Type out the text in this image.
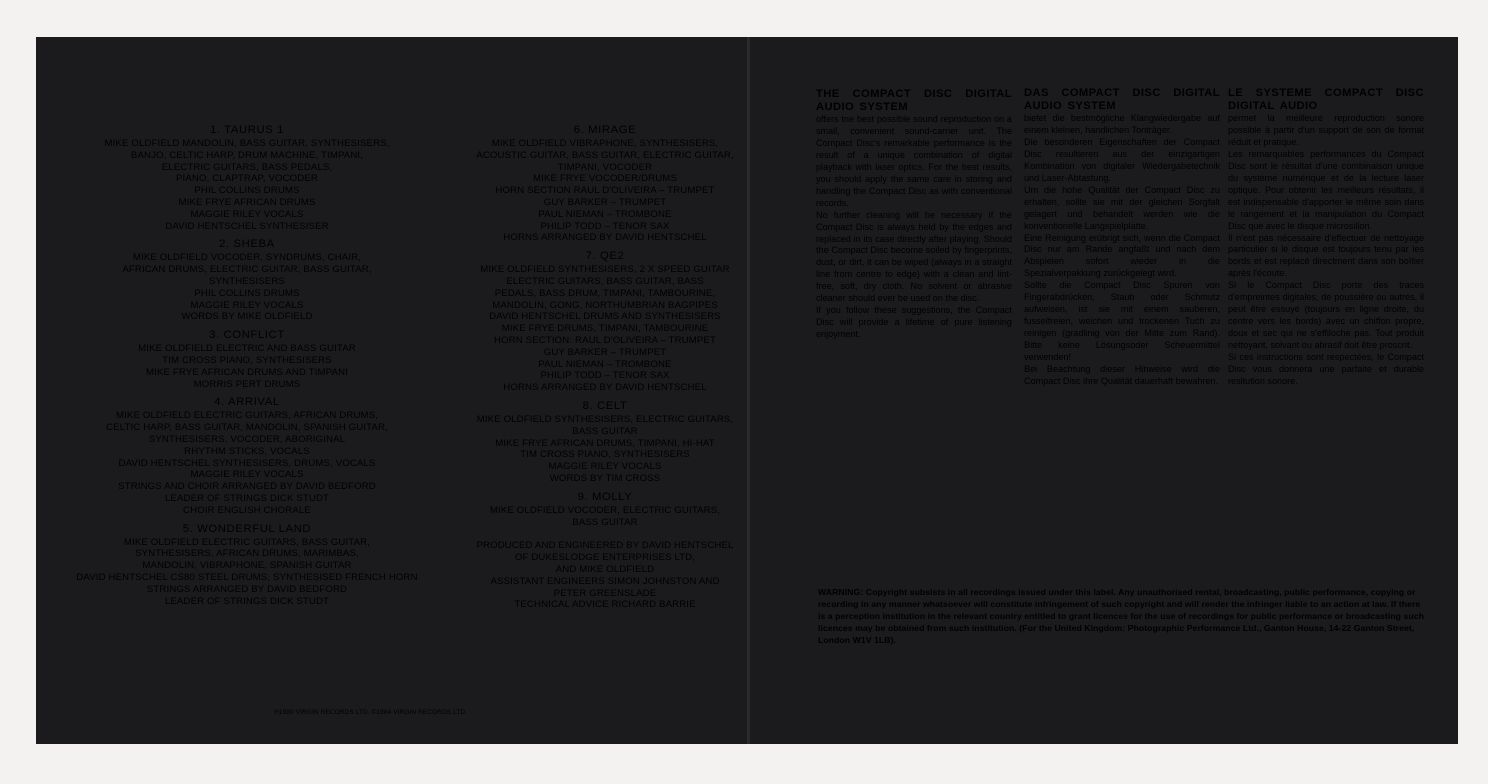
1. TAURUS 1
MIKE OLDFIELD MANDOLIN, BASS GUITAR, SYNTHESISERS,
BANJO, CELTIC HARP, DRUM MACHINE, TIMPANI,
ELECTRIC GUITARS, BASS PEDALS,
PIANO, CLAPTRAP, VOCODER
PHIL COLLINS DRUMS
MIKE FRYE AFRICAN DRUMS
MAGGIE RILEY VOCALS
DAVID HENTSCHEL SYNTHESISER
2. SHEBA
MIKE OLDFIELD VOCODER, SYNDRUMS, CHAIR,
AFRICAN DRUMS, ELECTRIC GUITAR, BASS GUITAR,
SYNTHESISERS
PHIL COLLINS DRUMS
MAGGIE RILEY VOCALS
WORDS BY MIKE OLDFIELD
3. CONFLICT
MIKE OLDFIELD ELECTRIC AND BASS GUITAR
TIM CROSS PIANO, SYNTHESISERS
MIKE FRYE AFRICAN DRUMS AND TIMPANI
MORRIS PERT DRUMS
4. ARRIVAL
MIKE OLDFIELD ELECTRIC GUITARS, AFRICAN DRUMS,
CELTIC HARP, BASS GUITAR, MANDOLIN, SPANISH GUITAR,
SYNTHESISERS, VOCODER, ABORIGINAL
RHYTHM STICKS, VOCALS
DAVID HENTSCHEL SYNTHESISERS, DRUMS, VOCALS
MAGGIE RILEY VOCALS
STRINGS AND CHOIR ARRANGED BY DAVID BEDFORD
LEADER OF STRINGS DICK STUDT
CHOIR ENGLISH CHORALE
5. WONDERFUL LAND
MIKE OLDFIELD ELECTRIC GUITARS, BASS GUITAR,
SYNTHESISERS, AFRICAN DRUMS, MARIMBAS,
MANDOLIN, VIBRAPHONE, SPANISH GUITAR
DAVID HENTSCHEL CS80 STEEL DRUMS, SYNTHESISED FRENCH HORN
STRINGS ARRANGED BY DAVID BEDFORD
LEADER OF STRINGS DICK STUDT
6. MIRAGE
MIKE OLDFIELD VIBRAPHONE, SYNTHESISERS,
ACOUSTIC GUITAR, BASS GUITAR, ELECTRIC GUITAR,
TIMPANI, VOCODER
MIKE FRYE VOCODER/DRUMS
HORN SECTION RAUL D'OLIVEIRA – TRUMPET
GUY BARKER – TRUMPET
PAUL NIEMAN – TROMBONE
PHILIP TODD – TENOR SAX
HORNS ARRANGED BY DAVID HENTSCHEL
7. QE2
MIKE OLDFIELD SYNTHESISERS, 2 X SPEED GUITAR
ELECTRIC GUITARS, BASS GUITAR, BASS
PEDALS, BASS DRUM, TIMPANI, TAMBOURINE,
MANDOLIN, GONG, NORTHUMBRIAN BAGPIPES
DAVID HENTSCHEL DRUMS AND SYNTHESISERS
MIKE FRYE DRUMS, TIMPANI, TAMBOURINE
HORN SECTION: RAUL D'OLIVEIRA – TRUMPET
GUY BARKER – TRUMPET
PAUL NIEMAN – TROMBONE
PHILIP TODD – TENOR SAX
HORNS ARRANGED BY DAVID HENTSCHEL
8. CELT
MIKE OLDFIELD SYNTHESISERS, ELECTRIC GUITARS,
BASS GUITAR
MIKE FRYE AFRICAN DRUMS, TIMPANI, HI-HAT
TIM CROSS PIANO, SYNTHESISERS
MAGGIE RILEY VOCALS
WORDS BY TIM CROSS
9. MOLLY
MIKE OLDFIELD VOCODER, ELECTRIC GUITARS,
BASS GUITAR
PRODUCED AND ENGINEERED BY DAVID HENTSCHEL
OF DUKESLODGE ENTERPRISES LTD,
AND MIKE OLDFIELD
ASSISTANT ENGINEERS SIMON JOHNSTON AND
PETER GREENSLADE
TECHNICAL ADVICE RICHARD BARRIE
℗1980 VIRGIN RECORDS LTD. ©1984 VIRGIN RECORDS LTD.
THE COMPACT DISC DIGITAL AUDIO SYSTEM
offers tne best possible sound reproduction on a small, convenient sound-carrier unit. The Compact Disc's remarkable performance is the result of a unique combination of digital playback with laser optics. For the best results, you should apply the same care in storing and handling the Compact Disc as with conventional records.
No further cleaning will be necessary if the Compact Disc is always held by the edges and replaced in its case directly after playing. Should the Compact Disc become soiled by fingerprints, dust, or dirt, it can be wiped (always in a straight line from centre to edge) with a clean and lint-free, soft, dry cloth. No solvent or abrasive cleaner should ever be used on the disc.
If you follow these suggestions, the Compact Disc will provide a lifetime of pure listening enjoyment.
DAS COMPACT DISC DIGITAL AUDIO SYSTEM
bietet die bestmögliche Klangwiedergabe auf einem kleinen, handlichen Tonträger.
Die besonderen Eigenschaften der Compact Disc resultieren aus der einzigartigen Kombination von digitaler Wiedergabetechnik und Laser-Abtastung.
Um die hohe Qualität der Compact Disc zu erhalten, sollte sie mit der gleichen Sorgfalt gelagert und behandelt werden wie die konventionelle Langspielplatte.
Eine Reinigung erübrigt sich, wenn die Compact Disc nur am Rande angfaßt und nach dem Abspielen sofort wieder in die Spezialverpakkung zurückgelegt wird.
Sollte die Compact Disc Spuren von Fingerabdrücken, Staub oder Schmutz aufweisen, ist sie mit einem sauberen, fusselfreien, weichen und trockenen Tuch zu reinigen (gradlinig von der Mitte zum Rand). Bitte keine Lösungsoder Scheuermittel verwenden!
Bei Beachtung dieser Hinweise wird die Compact Disc ihre Qualität dauerhaft bewahren.
LE SYSTEME COMPACT DISC DIGITAL AUDIO
permet la meilleure reproduction sonore possible à partir d'un support de son de format réduit et pratique.
Les remarquables performances du Compact Disc sont le résultat d'une combinaison unique du système numérique et de la lecture laser optique. Pour obtenir les meilleurs résultats, il est indispensable d'apporter le même soin dans le rangement et la manipulation du Compact Disc que avec le disque microsillon.
Il n'est pas nécessaire d'effectuer de nettoyage particulier si le disque est toujours tenu par les bords et est replacé directment dans son boîtier après l'écoute.
Si le Compact Disc porte des traces d'empreintes digitales, de poussière ou autres, il peut être essuyé (toujours en ligne droite, du centre vers les bords) avec un chiffon propre, doux et sec qui ne s'effiloche pas. Tout produit nettoyant, solvant ou abrasif doit être proscrit.
Si ces instructions sont respectées, le Compact Disc vous donnera une parfaite et durable resitution sonore.
WARNING: Copyright subsists in all recordings issued under this label. Any unauthorised rental, broadcasting, public performance, copying or recording in any manner whatsoever will constitute infringement of such copyright and will render the infringer liable to an action at law. If there is a perception institution in the relevant country entitled to grant licences for the use of recordings for public performance or broadcasting such licences may be obtained from such institution. (For the United Kingdom: Photographic Performance Ltd., Ganton House, 14-22 Ganton Street, London W1V 1LB).
